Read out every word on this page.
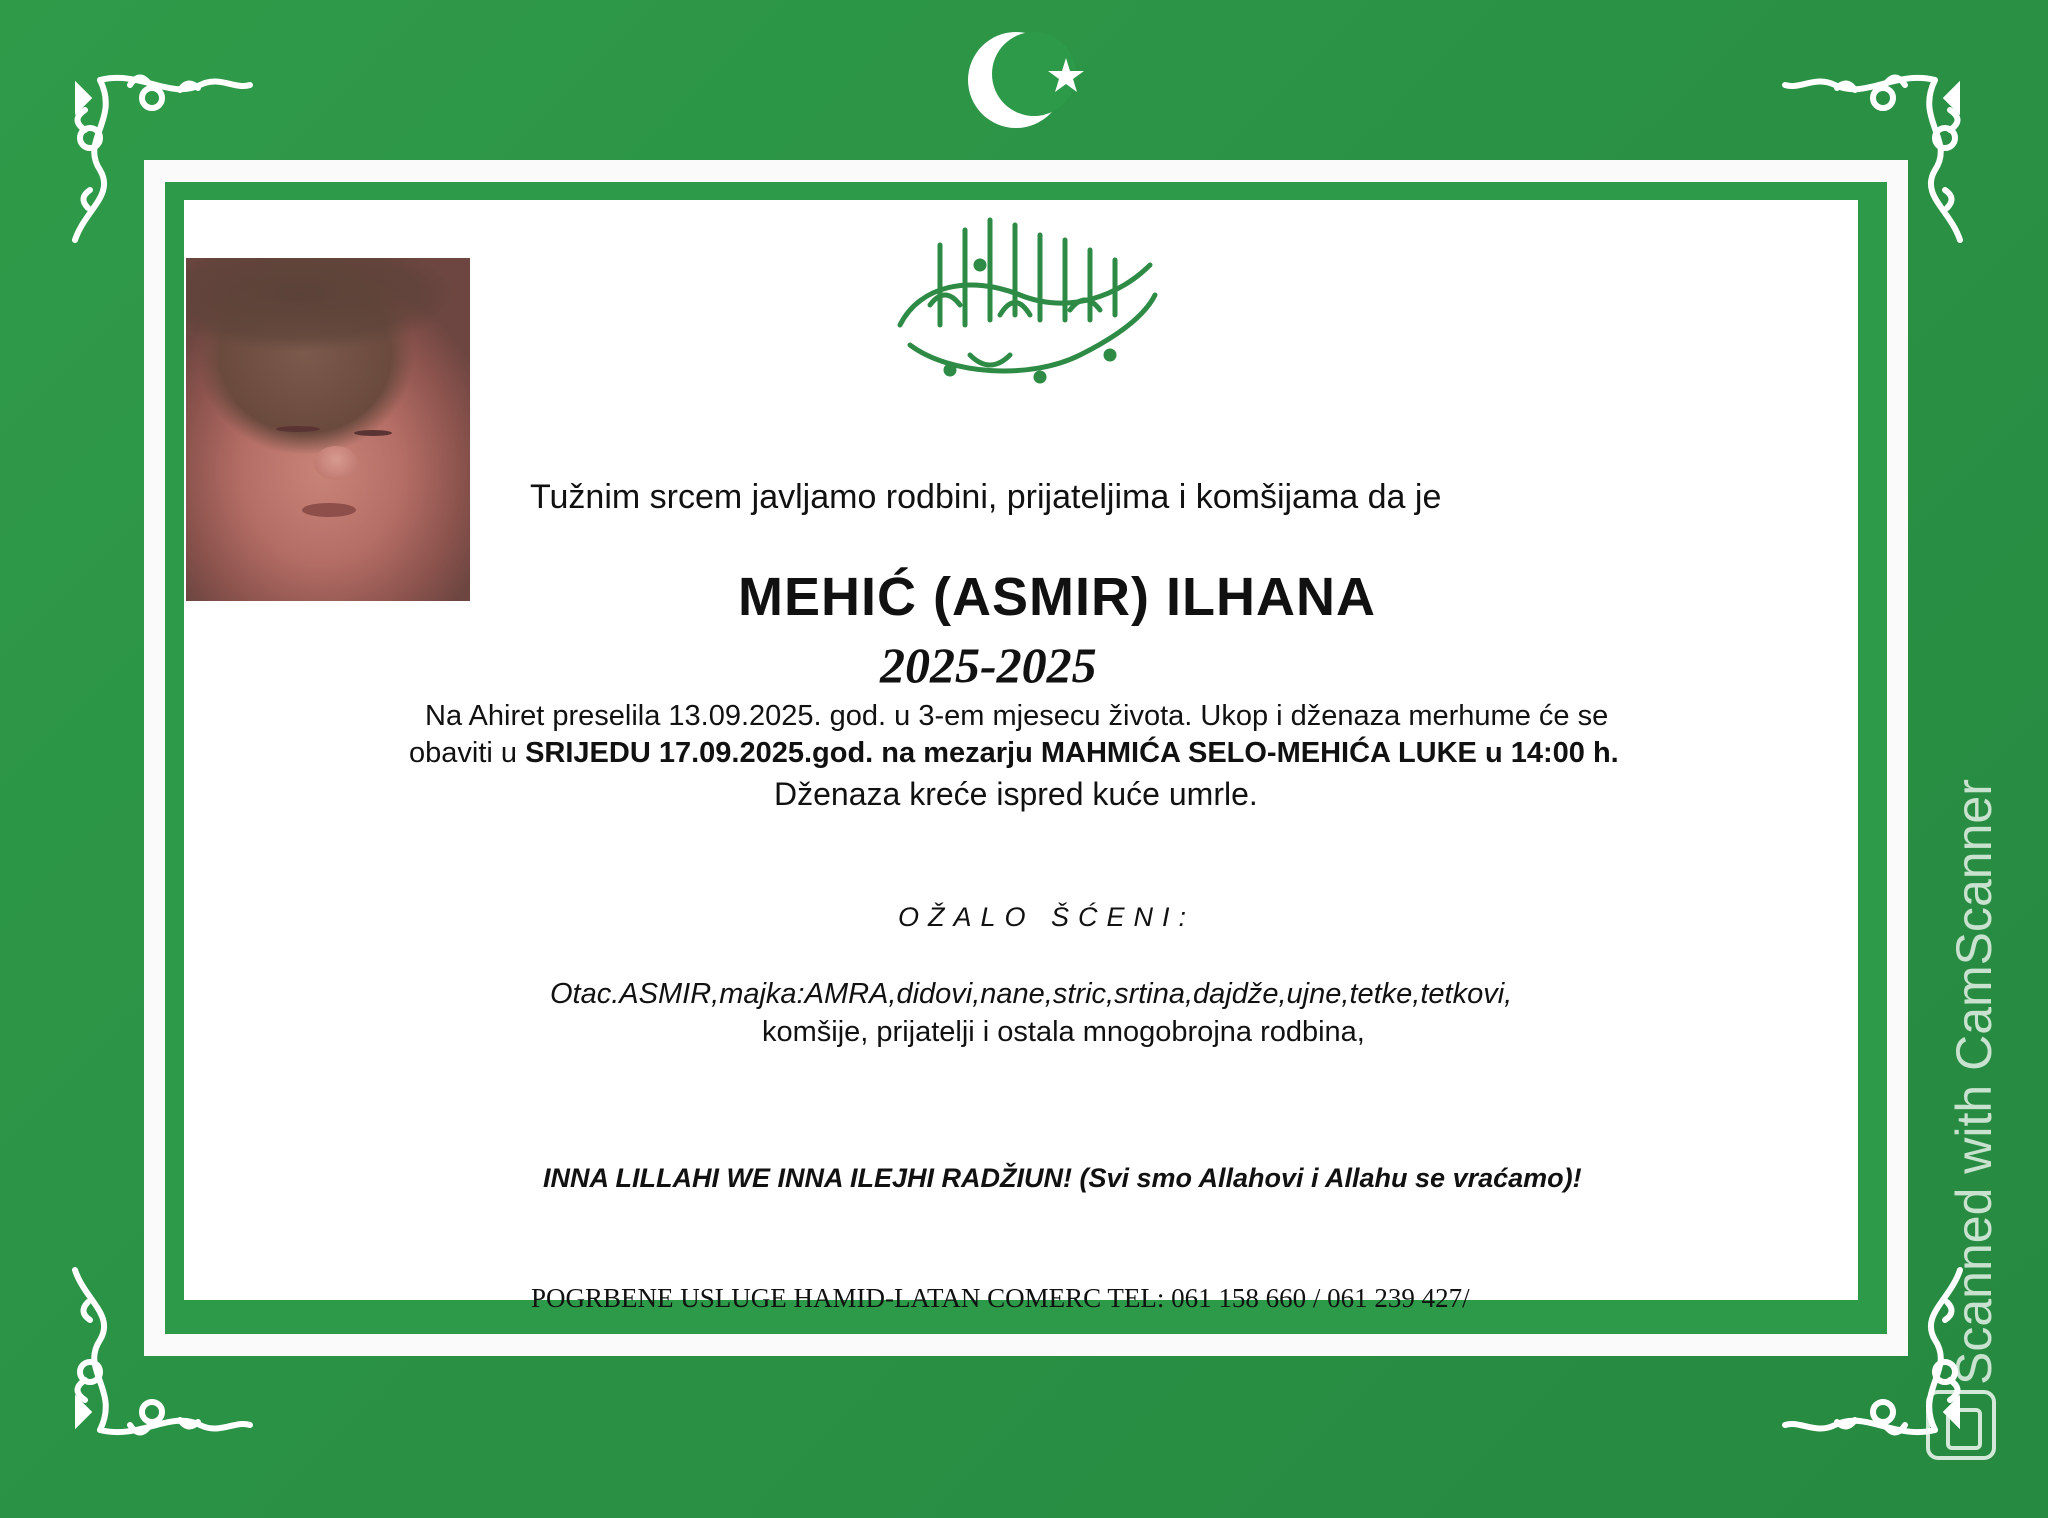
Tužnim srcem javljamo rodbini, prijateljima i komšijama da je
MEHIĆ (ASMIR) ILHANA
2025-2025
Na Ahiret preselila 13.09.2025. god. u 3-em mjesecu života. Ukop i dženaza merhume će se
obaviti u SRIJEDU 17.09.2025.god. na mezarju MAHMIĆA SELO-MEHIĆA LUKE u 14:00 h.
Dženaza kreće ispred kuće umrle.
OŽALO ŠĆENI:
Otac.ASMIR,majka:AMRA,didovi,nane,stric,srtina,dajdže,ujne,tetke,tetkovi,
komšije, prijatelji i ostala mnogobrojna rodbina,
INNA LILLAHI WE INNA ILEJHI RADŽIUN! (Svi smo Allahovi i Allahu se vraćamo)!
POGRBENE USLUGE HAMID-LATAN COMERC TEL: 061 158 660 / 061 239 427/	Scanned with CamScanner
